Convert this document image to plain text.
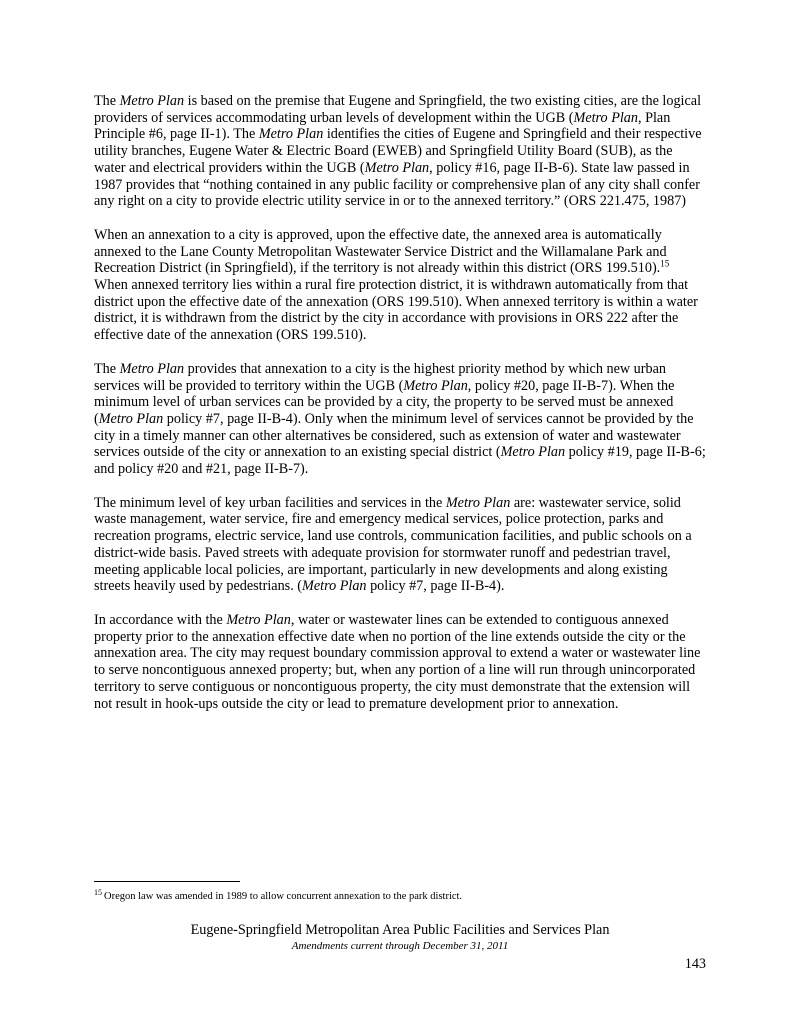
The Metro Plan is based on the premise that Eugene and Springfield, the two existing cities, are the logical providers of services accommodating urban levels of development within the UGB (Metro Plan, Plan Principle #6, page II-1). The Metro Plan identifies the cities of Eugene and Springfield and their respective utility branches, Eugene Water & Electric Board (EWEB) and Springfield Utility Board (SUB), as the water and electrical providers within the UGB (Metro Plan, policy #16, page II-B-6). State law passed in 1987 provides that “nothing contained in any public facility or comprehensive plan of any city shall confer any right on a city to provide electric utility service in or to the annexed territory.” (ORS 221.475, 1987)

When an annexation to a city is approved, upon the effective date, the annexed area is automatically annexed to the Lane County Metropolitan Wastewater Service District and the Willamalane Park and Recreation District (in Springfield), if the territory is not already within this district (ORS 199.510).$^{15}$ When annexed territory lies within a rural fire protection district, it is withdrawn automatically from that district upon the effective date of the annexation (ORS 199.510). When annexed territory is within a water district, it is withdrawn from the district by the city in accordance with provisions in ORS 222 after the effective date of the annexation (ORS 199.510).

The Metro Plan provides that annexation to a city is the highest priority method by which new urban services will be provided to territory within the UGB (Metro Plan, policy #20, page II-B-7). When the minimum level of urban services can be provided by a city, the property to be served must be annexed (Metro Plan policy #7, page II-B-4). Only when the minimum level of services cannot be provided by the city in a timely manner can other alternatives be considered, such as extension of water and wastewater services outside of the city or annexation to an existing special district (Metro Plan policy #19, page II-B-6; and policy #20 and #21, page II-B-7).

The minimum level of key urban facilities and services in the Metro Plan are: wastewater service, solid waste management, water service, fire and emergency medical services, police protection, parks and recreation programs, electric service, land use controls, communication facilities, and public schools on a district-wide basis. Paved streets with adequate provision for stormwater runoff and pedestrian travel, meeting applicable local policies, are important, particularly in new developments and along existing streets heavily used by pedestrians. (Metro Plan policy #7, page II-B-4).

In accordance with the Metro Plan, water or wastewater lines can be extended to contiguous annexed property prior to the annexation effective date when no portion of the line extends outside the city or the annexation area. The city may request boundary commission approval to extend a water or wastewater line to serve noncontiguous annexed property; but, when any portion of a line will run through unincorporated territory to serve contiguous or noncontiguous property, the city must demonstrate that the extension will not result in hook-ups outside the city or lead to premature development prior to annexation.

$^{15}$ Oregon law was amended in 1989 to allow concurrent annexation to the park district.
Eugene-Springfield Metropolitan Area Public Facilities and Services Plan
Amendments current through December 31, 2011
143
